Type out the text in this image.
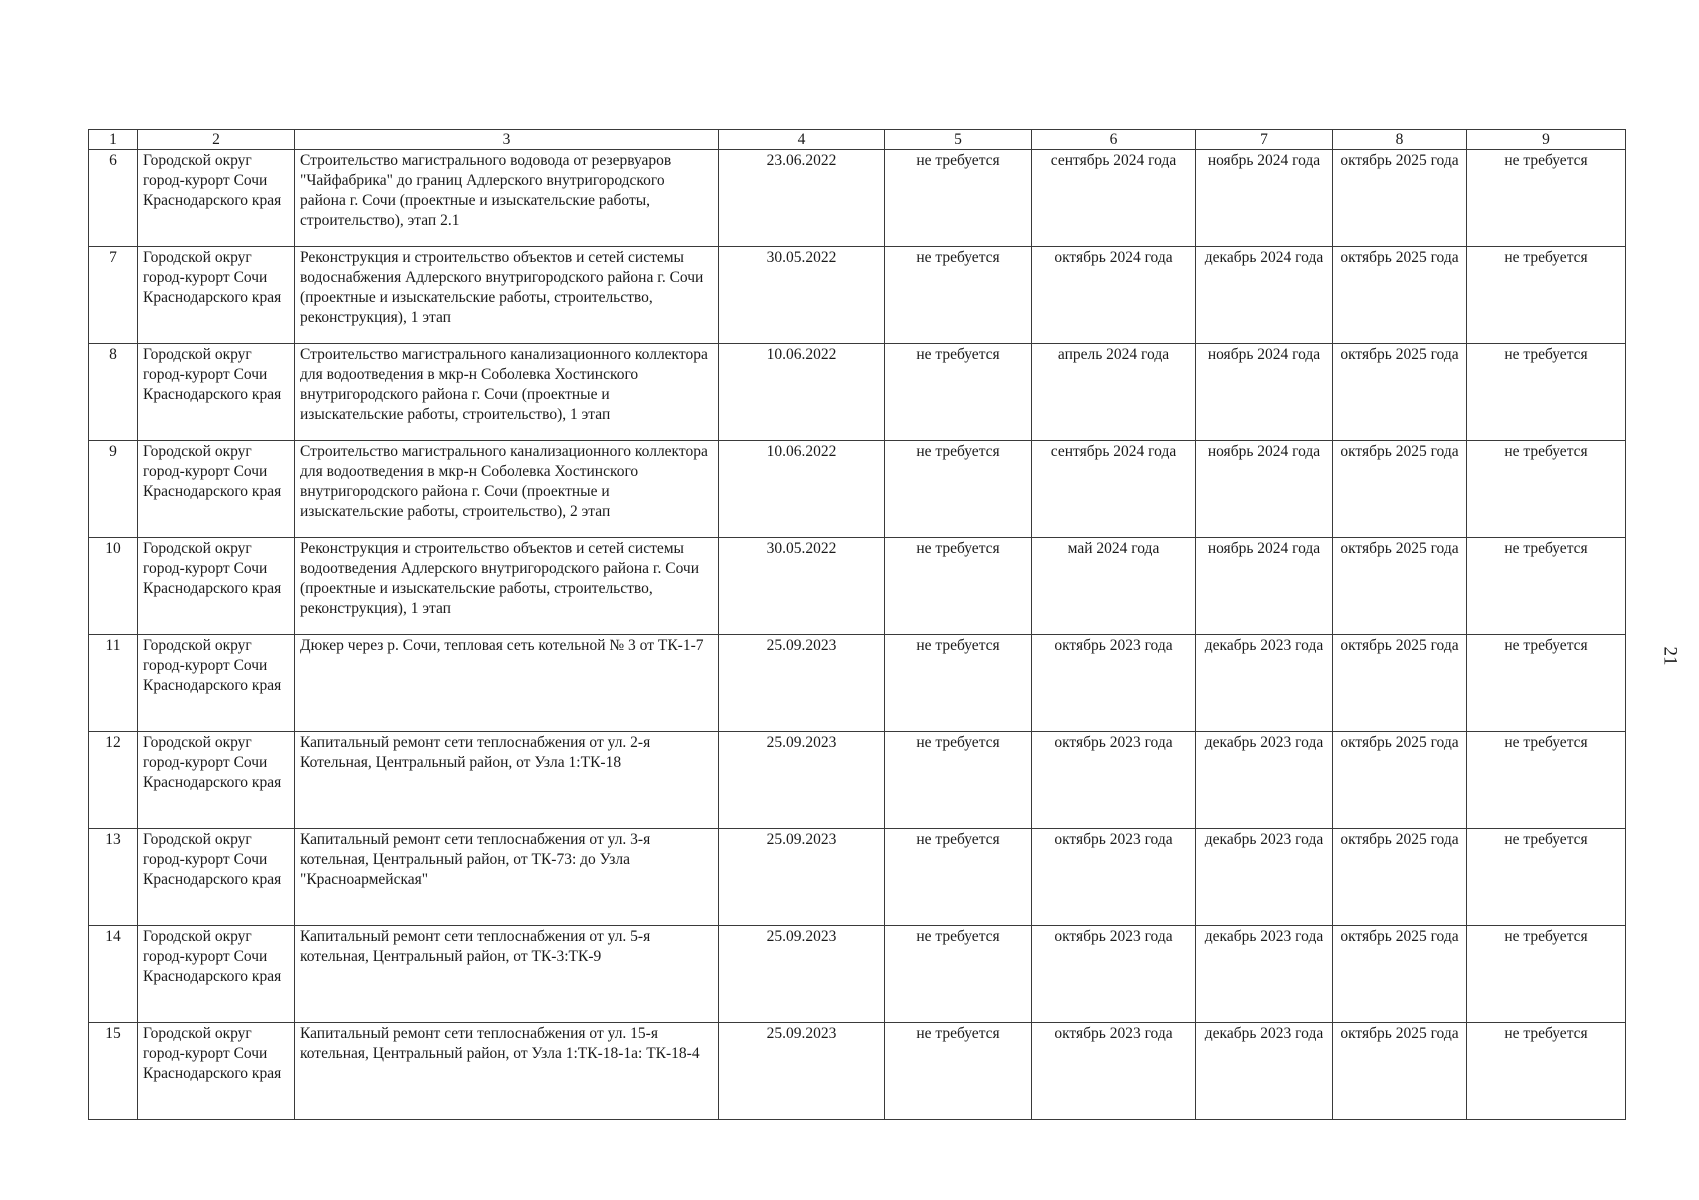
1	2	3	4	5	6	7	8	9
6	Городской округ город-курорт Сочи Краснодарского края	Строительство магистрального водовода от резервуаров "Чайфабрика" до границ Адлерского внутригородского района г. Сочи (проектные и изыскательские работы, строительство), этап 2.1	23.06.2022	не требуется	сентябрь 2024 года	ноябрь 2024 года	октябрь 2025 года	не требуется
7	Городской округ город-курорт Сочи Краснодарского края	Реконструкция и строительство объектов и сетей системы водоснабжения Адлерского внутригородского района г. Сочи (проектные и изыскательские работы, строительство, реконструкция), 1 этап	30.05.2022	не требуется	октябрь 2024 года	декабрь 2024 года	октябрь 2025 года	не требуется
8	Городской округ город-курорт Сочи Краснодарского края	Строительство магистрального канализационного коллектора для водоотведения в мкр-н Соболевка Хостинского внутригородского района г. Сочи (проектные и изыскательские работы, строительство), 1 этап	10.06.2022	не требуется	апрель 2024 года	ноябрь 2024 года	октябрь 2025 года	не требуется
9	Городской округ город-курорт Сочи Краснодарского края	Строительство магистрального канализационного коллектора для водоотведения в мкр-н Соболевка Хостинского внутригородского района г. Сочи (проектные и изыскательские работы, строительство), 2 этап	10.06.2022	не требуется	сентябрь 2024 года	ноябрь 2024 года	октябрь 2025 года	не требуется
10	Городской округ город-курорт Сочи Краснодарского края	Реконструкция и строительство объектов и сетей системы водоотведения Адлерского внутригородского района г. Сочи (проектные и изыскательские работы, строительство, реконструкция), 1 этап	30.05.2022	не требуется	май 2024 года	ноябрь 2024 года	октябрь 2025 года	не требуется
11	Городской округ город-курорт Сочи Краснодарского края	Дюкер через р. Сочи, тепловая сеть котельной № 3 от ТК-1-7	25.09.2023	не требуется	октябрь 2023 года	декабрь 2023 года	октябрь 2025 года	не требуется
12	Городской округ город-курорт Сочи Краснодарского края	Капитальный ремонт сети теплоснабжения от ул. 2-я Котельная, Центральный район, от Узла 1:ТК-18	25.09.2023	не требуется	октябрь 2023 года	декабрь 2023 года	октябрь 2025 года	не требуется
13	Городской округ город-курорт Сочи Краснодарского края	Капитальный ремонт сети теплоснабжения от ул. 3-я котельная, Центральный район, от ТК-73: до Узла "Красноармейская"	25.09.2023	не требуется	октябрь 2023 года	декабрь 2023 года	октябрь 2025 года	не требуется
14	Городской округ город-курорт Сочи Краснодарского края	Капитальный ремонт сети теплоснабжения от ул. 5-я котельная, Центральный район, от ТК-3:ТК-9	25.09.2023	не требуется	октябрь 2023 года	декабрь 2023 года	октябрь 2025 года	не требуется
15	Городской округ город-курорт Сочи Краснодарского края	Капитальный ремонт сети теплоснабжения от ул. 15-я котельная, Центральный район, от Узла 1:ТК-18-1а: ТК-18-4	25.09.2023	не требуется	октябрь 2023 года	декабрь 2023 года	октябрь 2025 года	не требуется
21
